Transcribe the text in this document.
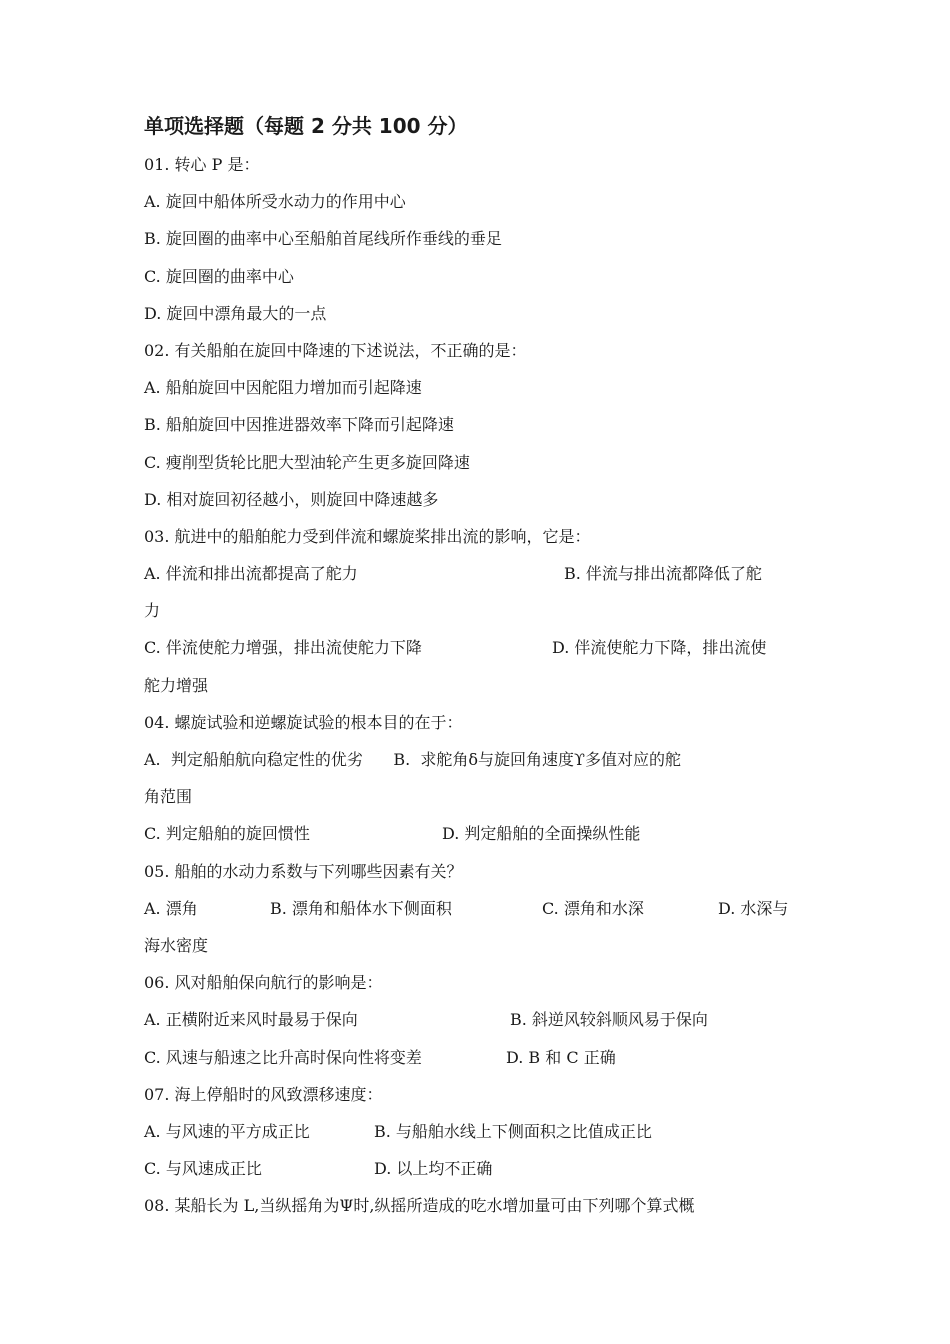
单项选择题（每题 2 分共 100 分）
01. 转心 P 是：
A. 旋回中船体所受水动力的作用中心
B. 旋回圈的曲率中心至船舶首尾线所作垂线的垂足
C. 旋回圈的曲率中心
D. 旋回中漂角最大的一点
02. 有关船舶在旋回中降速的下述说法，不正确的是：
A. 船舶旋回中因舵阻力增加而引起降速
B. 船舶旋回中因推进器效率下降而引起降速
C. 瘦削型货轮比肥大型油轮产生更多旋回降速
D. 相对旋回初径越小，则旋回中降速越多
03. 航进中的船舶舵力受到伴流和螺旋桨排出流的影响，它是：
A. 伴流和排出流都提高了舵力	B. 伴流与排出流都降低了舵
力
C. 伴流使舵力增强，排出流使舵力下降	D. 伴流使舵力下降，排出流使
舵力增强
04. 螺旋试验和逆螺旋试验的根本目的在于：
A.  判定船舶航向稳定性的优劣      B.  求舵角δ与旋回角速度ϒ多值对应的舵
角范围
C. 判定船舶的旋回惯性	D. 判定船舶的全面操纵性能
05. 船舶的水动力系数与下列哪些因素有关？
A. 漂角	B. 漂角和船体水下侧面积	C. 漂角和水深	D. 水深与
海水密度
06. 风对船舶保向航行的影响是：
A. 正横附近来风时最易于保向	B. 斜逆风较斜顺风易于保向
C. 风速与船速之比升高时保向性将变差	D. B 和 C 正确
07. 海上停船时的风致漂移速度：
A. 与风速的平方成正比	B. 与船舶水线上下侧面积之比值成正比
C. 与风速成正比	D. 以上均不正确
08. 某船长为 L,当纵摇角为Ψ时,纵摇所造成的吃水增加量可由下列哪个算式概
